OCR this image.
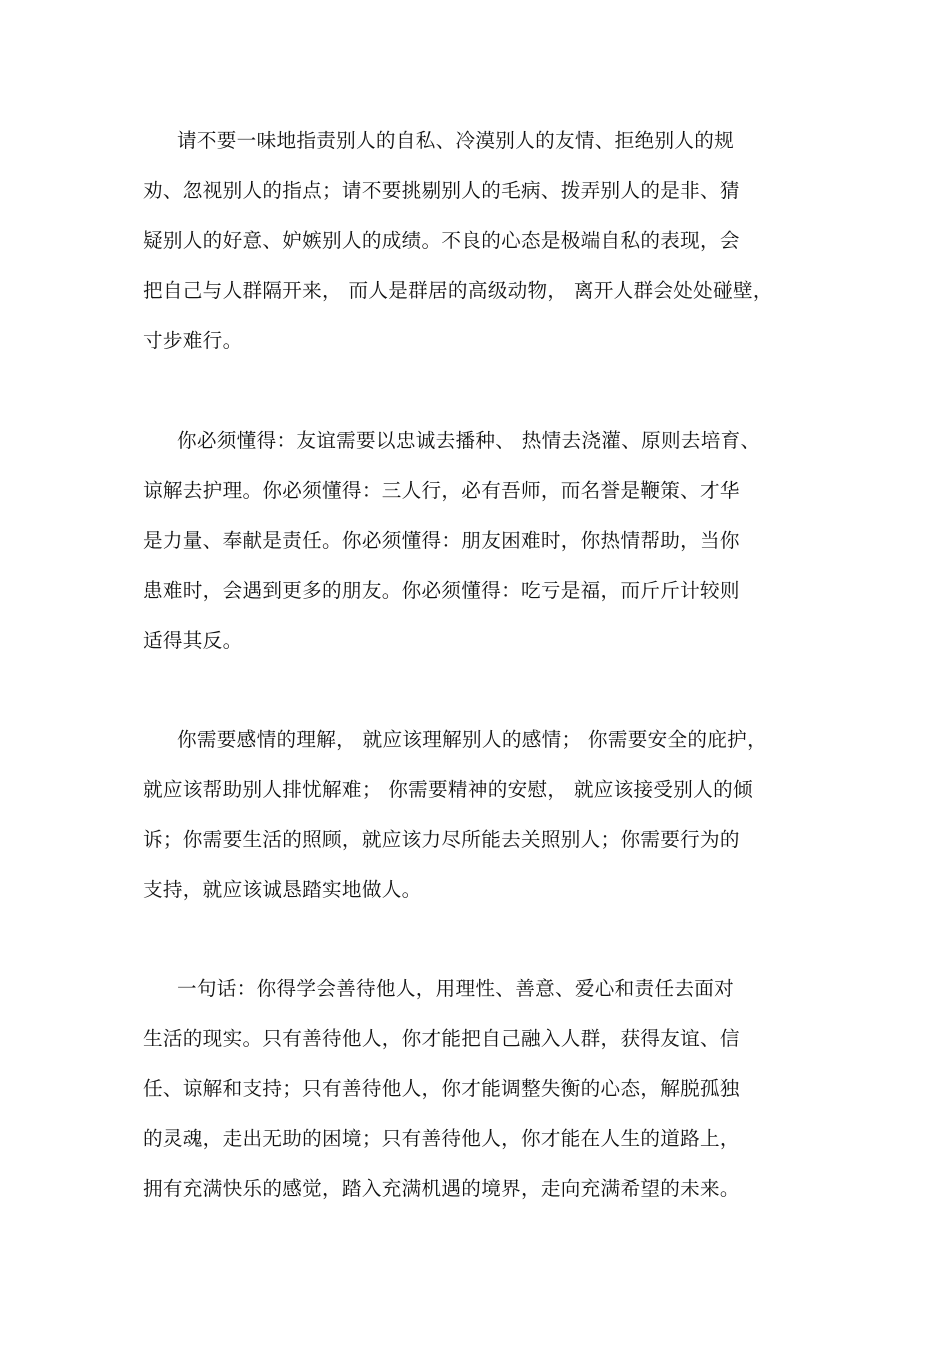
请不要一味地指责别人的自私、冷漠别人的友情、拒绝别人的规
劝、忽视别人的指点；请不要挑剔别人的毛病、拨弄别人的是非、猜
疑别人的好意、妒嫉别人的成绩。不良的心态是极端自私的表现，会
把自己与人群隔开来， 而人是群居的高级动物， 离开人群会处处碰壁，
寸步难行。
你必须懂得：友谊需要以忠诚去播种、 热情去浇灌、原则去培育、
谅解去护理。你必须懂得：三人行，必有吾师，而名誉是鞭策、才华
是力量、奉献是责任。你必须懂得：朋友困难时，你热情帮助，当你
患难时，会遇到更多的朋友。你必须懂得：吃亏是福，而斤斤计较则
适得其反。
你需要感情的理解， 就应该理解别人的感情； 你需要安全的庇护，
就应该帮助别人排忧解难； 你需要精神的安慰， 就应该接受别人的倾
诉；你需要生活的照顾，就应该力尽所能去关照别人；你需要行为的
支持，就应该诚恳踏实地做人。
一句话：你得学会善待他人，用理性、善意、爱心和责任去面对
生活的现实。只有善待他人，你才能把自己融入人群，获得友谊、信
任、谅解和支持；只有善待他人，你才能调整失衡的心态，解脱孤独
的灵魂，走出无助的困境；只有善待他人，你才能在人生的道路上，
拥有充满快乐的感觉，踏入充满机遇的境界，走向充满希望的未来。
